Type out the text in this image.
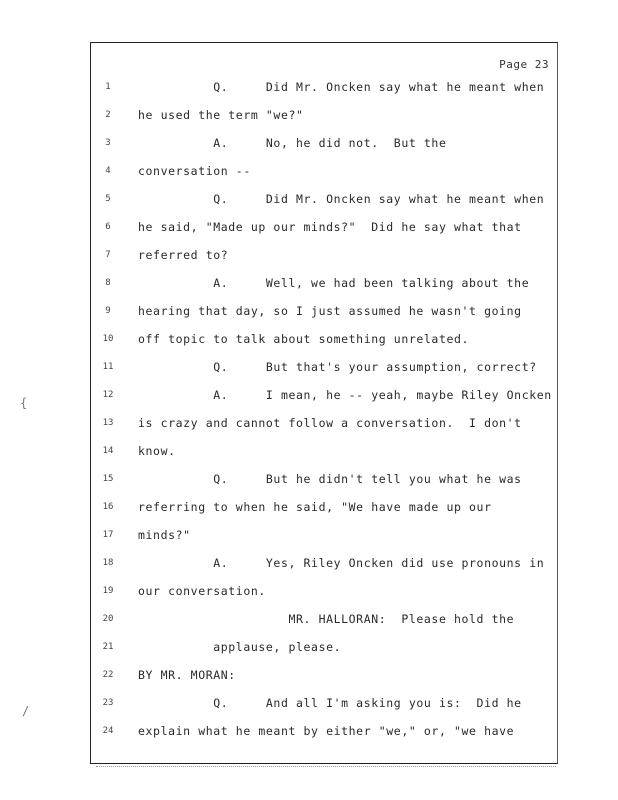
{
/
Page 23
1	Q.     Did Mr. Oncken say what he meant when
2	he used the term "we?"
3	A.     No, he did not.  But the
4	conversation --
5	Q.     Did Mr. Oncken say what he meant when
6	he said, "Made up our minds?"  Did he say what that
7	referred to?
8	A.     Well, we had been talking about the
9	hearing that day, so I just assumed he wasn't going
10	off topic to talk about something unrelated.
11	Q.     But that's your assumption, correct?
12	A.     I mean, he -- yeah, maybe Riley Oncken
13	is crazy and cannot follow a conversation.  I don't
14	know.
15	Q.     But he didn't tell you what he was
16	referring to when he said, "We have made up our
17	minds?"
18	A.     Yes, Riley Oncken did use pronouns in
19	our conversation.
20	MR. HALLORAN:  Please hold the
21	applause, please.
22	BY MR. MORAN:
23	Q.     And all I'm asking you is:  Did he
24	explain what he meant by either "we," or, "we have
